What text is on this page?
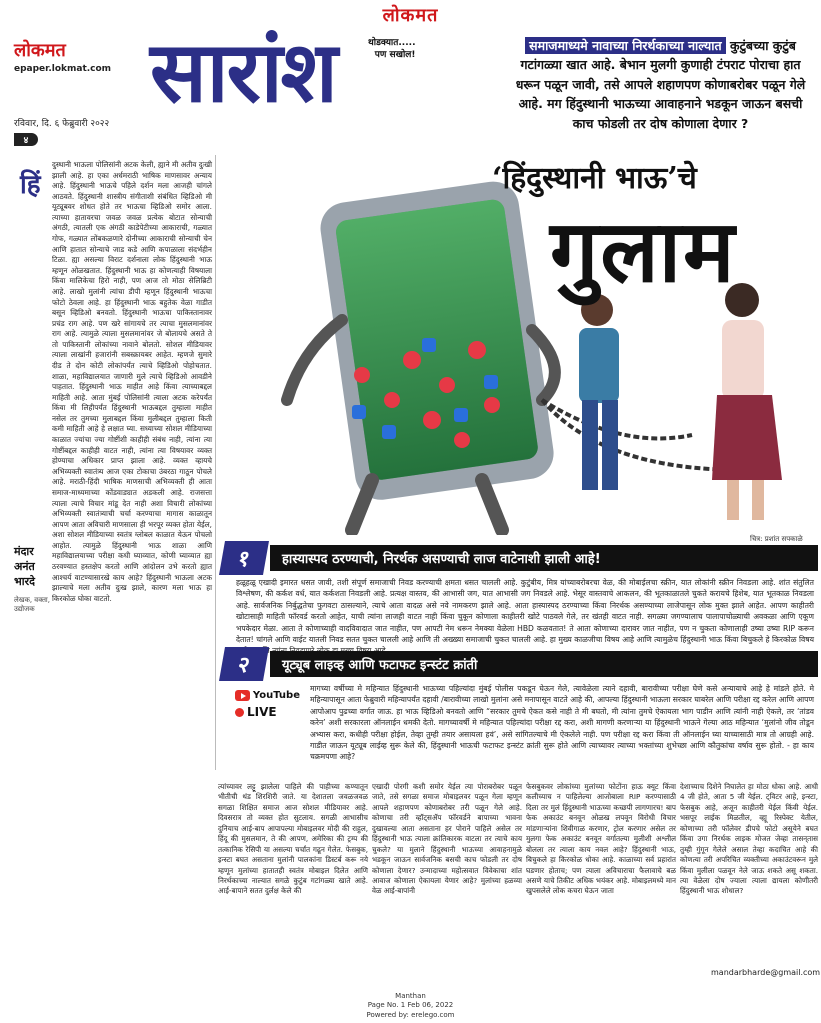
लोकमत
लोकमत
epaper.lokmat.com
रविवार, दि. ६ फेब्रुवारी २०२२
४
सारांश	थोडक्यात.....
पण सखोल!
समाजमाध्यमे नावाच्या निरर्थकाच्या नाल्यात कुटुंबच्या कुटुंब गटांगळ्या खात आहे. बेभान मुलगी कुणाही टंपराट पोराचा हात धरून पळून जावी, तसे आपले शहाणपण कोणाबरोबर पळून गेले आहे. मग हिंदुस्थानी भाऊच्या आवाहनाने भडकून जाऊन बसची काच फोडली तर दोष कोणाला देणार ?
हिं
दुस्थानी भाऊला पोलिसांनी अटक केली, ह्याने मी अतीव दुःखी झाली आहे. हा एका अर्धमराठी भाषिक माणसावर अन्याय आहे. हिंदुस्थानी भाऊचे पहिले दर्शन मला आजही चांगले आठवते. हिंदुस्थानी शास्त्रीय संगीताशी संबंधित व्हिडिओ मी यूट्यूबवर शोधत होते तर भाऊचा व्हिडिओ समोर आला. त्याच्या हातावरचा जवळ जवळ प्रत्येक बोटात सोन्याची अंगठी, त्यातली एक अंगठी काडेपेटीच्या आकाराची, गळ्यात गोफ, गळ्यात लोंबकळणारे दोनीच्या आकाराची सोन्याची चेन आणि हातात सोन्याचे जाड कडे आणि कपाळाला संदर्भहीन टिळा. ह्या असल्या विराट दर्शनाला लोक हिंदुस्थानी भाऊ म्हणून ओळखतात. हिंदुस्थानी भाऊ हा कोणत्याही विषयाला किंवा मालिकेचा हिरो नाही, पण आज तो मोठा सेलिब्रिटी आहे. लाखो मुलांनी त्यांचा डीपी म्हणून हिंदुस्थानी भाऊचा फोटो ठेवला आहे. हा हिंदुस्थानी भाऊ बहुतेक वेळा गाडीत बसून व्हिडिओ बनवतो. हिंदुस्थानी भाऊचा पाकिस्तानावर प्रचंड राग आहे. पण खरे सांगायचे तर त्याचा मुसलमानांवर राग आहे. त्यामुळे त्याला मुसलमानांवर जे बोलायचे असते ते तो पाकिस्तानी लोकांच्या नावाने बोलतो. सोशल मीडियावर त्याला लाखांनी हजारांनी सबस्क्रायबर आहेत. म्हणजे सुमारे दीड ते दोन कोटी लोकांपर्यंत त्याचे व्हिडिओ पोहोचतात. शाळा, महाविद्यालयात जाणारी मुले त्याचे व्हिडिओ आवडीने पाहतात. हिंदुस्थानी भाऊ माहीत आहे किंवा त्याच्याबद्दल माहिती आहे. आता मुंबई पोलिसांनी त्याला अटक करेपर्यंत किंवा मी लिहीपर्यंत हिंदुस्थानी भाऊबद्दल तुम्हाला माहीत नसेल तर तुमच्या मुलाबद्दल किंवा मुलीबद्दल तुम्हाला किती कमी माहिती आहे हे लक्षात घ्या. सध्याच्या सोशल मीडियाच्या काळात ज्यांचा ज्या गोष्टींशी काहीही संबंध नाही, त्यांना त्या गोष्टींबद्दल काहीही वाटत नाही, त्यांना त्या विषयावर व्यक्त होण्याचा अधिकार प्राप्त झाला आहे. व्यक्त व्हायचे अभिव्यक्ती स्वातंत्र्य आज एका टोकाचा उंबरठा गाठून पोचले आहे. मराठी-हिंदी भाषिक माणसाची अभिव्यक्ती ही आता समाज-माध्यमाच्या कोंडवाड्यात अडकली आहे. राजसत्ता त्याला त्याचे विचार मांडू देत नाही अशा विचारी लोकांच्या अभिव्यक्ती स्वातंत्र्याची चर्चा करण्याचा मागास काळातून आपण आता अविचारी माणसाला ही भरपूर व्यक्त होता येईल, अशा सोशल मीडियाच्या स्वतंत्र ग्लोबल काळात येऊन पोचलो आहोत. त्यामुळे हिंदुस्थानी भाऊ शाळा आणि महाविद्यालयाच्या परीक्षा कधी घ्याव्यात, कोणी घ्याव्यात ह्या ठरवण्यात हस्तक्षेप करतो आणि आंदोलन उभे करतो ह्यात आश्चर्य वाटण्यासारखे काय आहे? हिंदुस्थानी भाऊला अटक झाल्याचे मला अतीव दुःख झाले, कारण मला भाऊ हा किरकोळ घोका वाटतो.
मंदार अनंत भारदे
लेखक, वक्ता, उद्योजक
‘हिंदुस्थानी भाऊ’चे
गुलाम
चित्र: प्रशांत सपकाळे
१	हास्यास्पद ठरण्याची, निरर्थक असण्याची लाज वाटेनाशी झाली आहे!
हळूहळू एखादी इमारत धसत जावी, तशी संपूर्ण समाजाची निवड करण्याची क्षमता धसत चालली आहे. कुटुंबीय, मित्र यांच्याबरोबरचा वेळ, की मोबाईलचा स्क्रीन, यात लोकांनी स्क्रीन निवडला आहे. शांत संतुलित विश्लेषण, की कर्कश वर्ध, यात कर्कशता निवडली आहे. प्रत्यक्ष वास्तव, की आभासी जग, यात आभासी जग निवडले आहे. भेसूर वास्तवाचे आकलन, की भूतकाळातले चुकते करायचे हिशेब, यात भूतकाळ निवडला आहे. सार्वजनिक निर्बुद्धतेचा फुगवटा ठासल्याने, त्याचे आता वादळ असे नवे नामकरण झाले आहे. आता हास्यास्पद ठरण्याच्या किंवा निरर्थक असण्याच्या लाजेपासून लोक मुक्त झाले आहेत. आपण काहीतरी खोटासाही माहिती फॉरवर्ड करतो आहेत, याची त्यांना लाजही वाटत नाही किंवा चुकून कोणाला काहीतरी खोटे पाठवले गेले, तर खंतही वाटत नाही. सगळ्या जगण्यालाच पालापाचोळ्याची अवकळा आणि एकूण भपकेदार मेळा. आता ते कोणाच्याही वादविवादात जात नाहीत, पण आपटी नेम धरून नेमक्या वेळेला HBD कळवतात! ते आता कोणाच्या दारावर जात नाहीत, पण न चुकता कोणालाही उष्या उष्या RIP करून देतात! चांगले आणि वाईट यातली निवड सतत चुकत चालली आहे आणि ती अख्ख्या समाजाची चुकत चालली आहे. हा मुख्य काळजीचा विषय आहे आणि त्यामुळेच हिंदुस्थानी भाऊ किंवा बिचुकले हे किरकोळ विषय
२	यूट्यूब लाइव्ह आणि फटाफट इन्स्टंट क्रांती
YouTube
LIVE
मागच्या वर्षीच्या मे महिन्यात हिंदुस्थानी भाऊच्या पहिल्यांदा मुंबई पोलीस पकडून घेऊन गेले, त्यावेळेला त्याने दहावी, बारावीच्या परीक्षा घेणे कसे अन्यायाचे आहे हे मांडले होते. मे महिन्यापासून आता फेब्रुवारी महिन्यापर्यंत दहावी /बारावीच्या लाखो मुलांना असे मनापासून वाटते आहे की, आपल्या हिंदुस्थानी भाऊला सरकार घाबरेल आणि परीक्षा रद्द करेल आणि आपण आपोआप पुढच्या वर्गात जाऊ. हा भाऊ व्हिडिओ बनवतो आणि “सरकार तुमचे ऐकत कसे नाही ते मी बघतो, मी त्यांना तुमचे ऐकायला भाग पाडीन आणि त्यांनी नाही ऐकले, तर ‘तांडव करेन’ अशी सरकारला ऑनलाईन धमकी देतो. मागच्यावर्षी मे महिन्यात पहिल्यांदा परीक्षा रद्द करा, अशी मागणी करणाऱ्या या हिंदुस्थानी भाऊने गेल्या आठ महिन्यात ‘मुलांनो जीव तोडून अभ्यास करा, कधीही परीक्षा होईल, तेव्हा तुम्ही तयार असायला हवं’, असे सांगितल्याचे मी ऐकलेले नाही. पण परीक्षा रद्द करा किंवा ती ऑनलाईन घ्या याच्यासाठी मात्र तो आग्रही आहे. गाडीत जाऊन यूट्यूब लाईव्ह सुरू केले की, हिंदुस्थानी भाऊची फटाफट इन्स्टंट क्रांती सुरू होते आणि त्याच्यावर त्याच्या भक्तांच्या शुभेच्छा आणि कौतुकांचा वर्षाव सुरू होतो. - हा काय चक्रमपणा आहे?
त्यांच्यावर लट्टू झालेला पाहिले की पाहीच्या कण्यातून भीतीची थंड शिरशिरी जाते. या देशातला जवळजवळ सगळा शिक्षित समाज आज सोशल मीडियावर आहे. दिवसरात्र तो व्यक्त होत सुटलाय. सगळी आभासीच दुनियाच आई-बाप आपापल्या मोबाइलवर मोदी की राहुल, हिंदू की मुसलमान, ते की आपण, अमेरिका की ट्रम्प की तत्कानिक रेसिपी या असल्या चर्चांत गढून गेलेत. फेसबुक, इन्स्टा बघत असताना मुलांनी पालकांना डिस्टर्ब करू नये म्हणून मुलांच्या हातातही स्वतंत्र मोबाइल दिलेत आणि निरर्थकाच्या नाल्यात सगळे कुटुंब गटांगळ्या खाते आहे. आई-बापाने सतत दुर्लक्ष केले की
एखादी पोरगी कशी समोर येईल त्या पोराबरोबर पळून जाते, तसे सगळा समाज मोबाइलवर पळून गेला म्हणून आपले शहाणपण कोणाबरोबर तरी पळून गेले आहे. कोणाचा तरी व्हॉट्सॲप फॉरवर्डने बापाच्या भावना दुखावल्या आता असताना हर पोराने पाहिले असेल तर हिंदुस्थानी भाऊ त्याला क्रांतिकारक वाटला तर त्याचे काय चुकले? या मुलाने हिंदुस्थानी भाऊच्या आवाहनामुळे भडकून जाऊन सार्वजनिक बसची काच फोडली तर दोष कोणाला देणार? उन्मादाच्या महोत्सवात विवेकाचा शांत आवाज कोणाला ऐकायला येणार आहे? मुलांच्या हळव्या वेळ आई-बापांनी
फेसबुकवर लोकांच्या मुलांच्या फोटोंना हाऊ क्यूट किंवा कलीच्याच न पाहिलेल्या आजोबाला RIP करण्यासाठी दिला तर मुलं हिंदुस्थानी भाऊच्या कच्छपी लागणारच! बाप फेक अकाउंट बनवून ओळख लपवून विरोधी विचार मांडणाऱ्यांना शिवीगाळ करणार, ट्रोल करणार असेल तर मुलगा फेक अकाउंट बनवून वर्गातल्या मुलीशी अश्लील बोलला तर त्याला काय नवल आहे? हिंदुस्थानी भाऊ, बिचुकले हा किरकोळ धोका आहे. काळाच्या सर्व प्रहारांत घडणार होताच; पण त्याला अविचाराचा फैलावाचे बळ असणे याचे तिकीट अधिक भयंकर आहे. मोबाइलमध्ये मान खुपसलेले लोक कचरा घेऊन जाता
देशाच्याच दिशेने निघालेत हा मोठा धोका आहे. आधी 4 जी होते, आता 5 जी येईल. ट्विटर आहे, इन्स्टा, फेसबुक आहे, अजून काहीतरी येईल किंवी येईल. भसपूर लाईक मिळतील, व्ह्यू रिस्पेक्ट येतील, कोणाच्या तरी फॉलेवर डीपचे फोटो असूयेने बघत किंवा उगा निरर्थक लाइक मोजत जेव्हा तासन्‌तास तुम्ही गुंगून गेलेले असाल तेव्हा कदाचित आहे की कोणत्या तरी अपरिचित व्यक्तीच्या अकाउंटवरून मुले किंवा मुलीला पळवून नेले जाऊ शकते असू शकता. त्या वेळेला दोष ज्याला त्याला द्यायला कोणीतरी हिंदुस्थानी भाऊ शोधाल?
mandarbharde@gmail.com
Manthan
Page No. 1 Feb 06, 2022
Powered by: erelego.com
